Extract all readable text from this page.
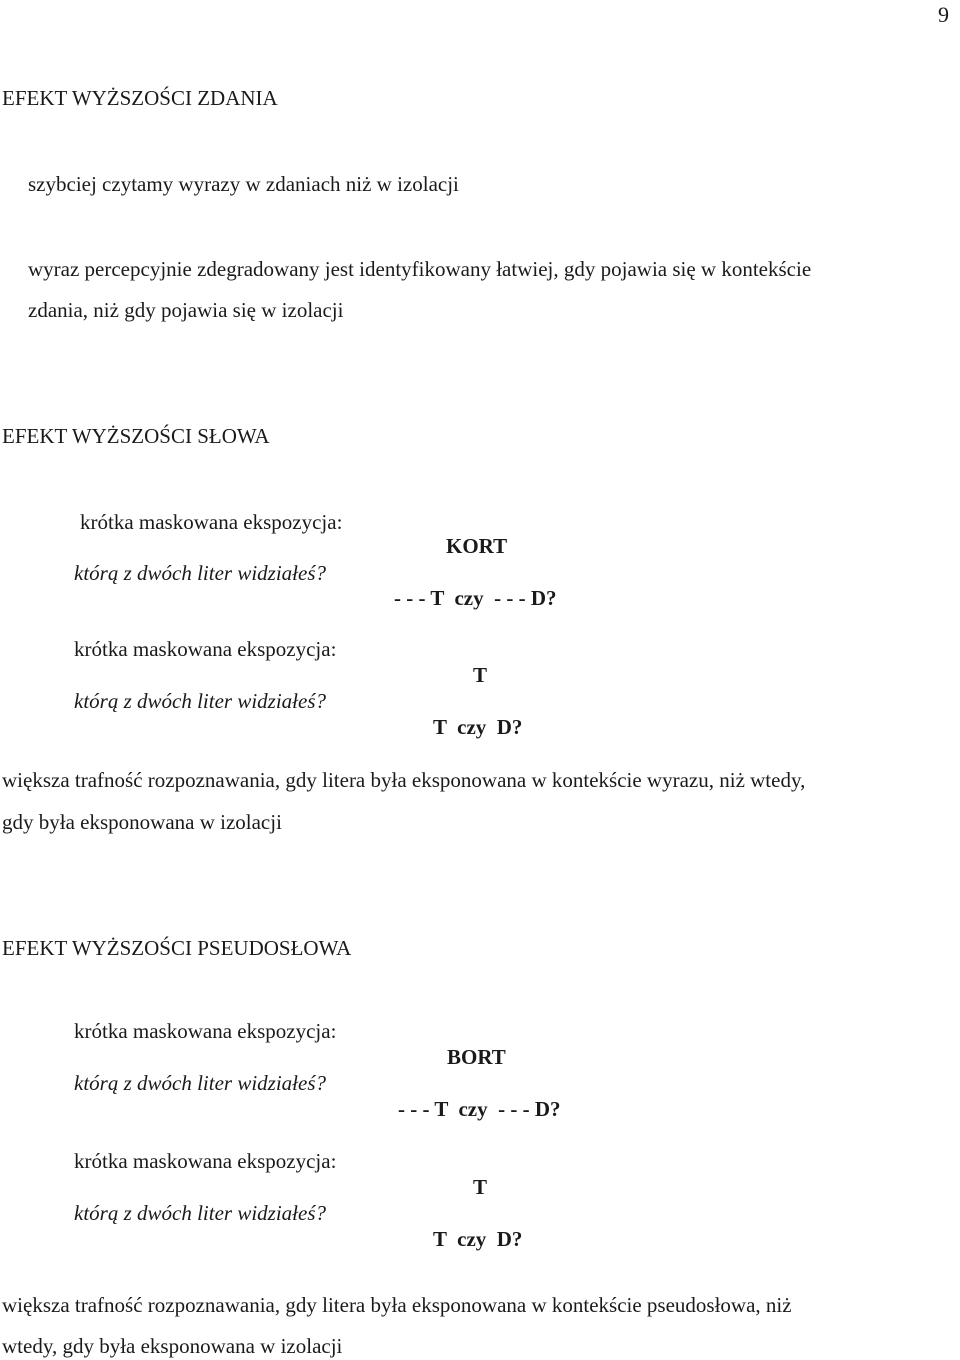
9
EFEKT WYŻSZOŚCI ZDANIA
szybciej czytamy wyrazy w zdaniach niż w izolacji
wyraz percepcyjnie zdegradowany jest identyfikowany łatwiej, gdy pojawia się w kontekście
zdania, niż gdy pojawia się w izolacji
EFEKT WYŻSZOŚCI SŁOWA
krótka maskowana ekspozycja:
KORT
którą z dwóch liter widziałeś?
- - - T  czy  - - - D?
krótka maskowana ekspozycja:
T
którą z dwóch liter widziałeś?
T  czy  D?
większa trafność rozpoznawania, gdy litera była eksponowana w kontekście wyrazu, niż wtedy,
gdy była eksponowana w izolacji
EFEKT WYŻSZOŚCI PSEUDOSŁOWA
krótka maskowana ekspozycja:
BORT
którą z dwóch liter widziałeś?
- - - T  czy  - - - D?
krótka maskowana ekspozycja:
T
którą z dwóch liter widziałeś?
T  czy  D?
większa trafność rozpoznawania, gdy litera była eksponowana w kontekście pseudosłowa, niż
wtedy, gdy była eksponowana w izolacji
